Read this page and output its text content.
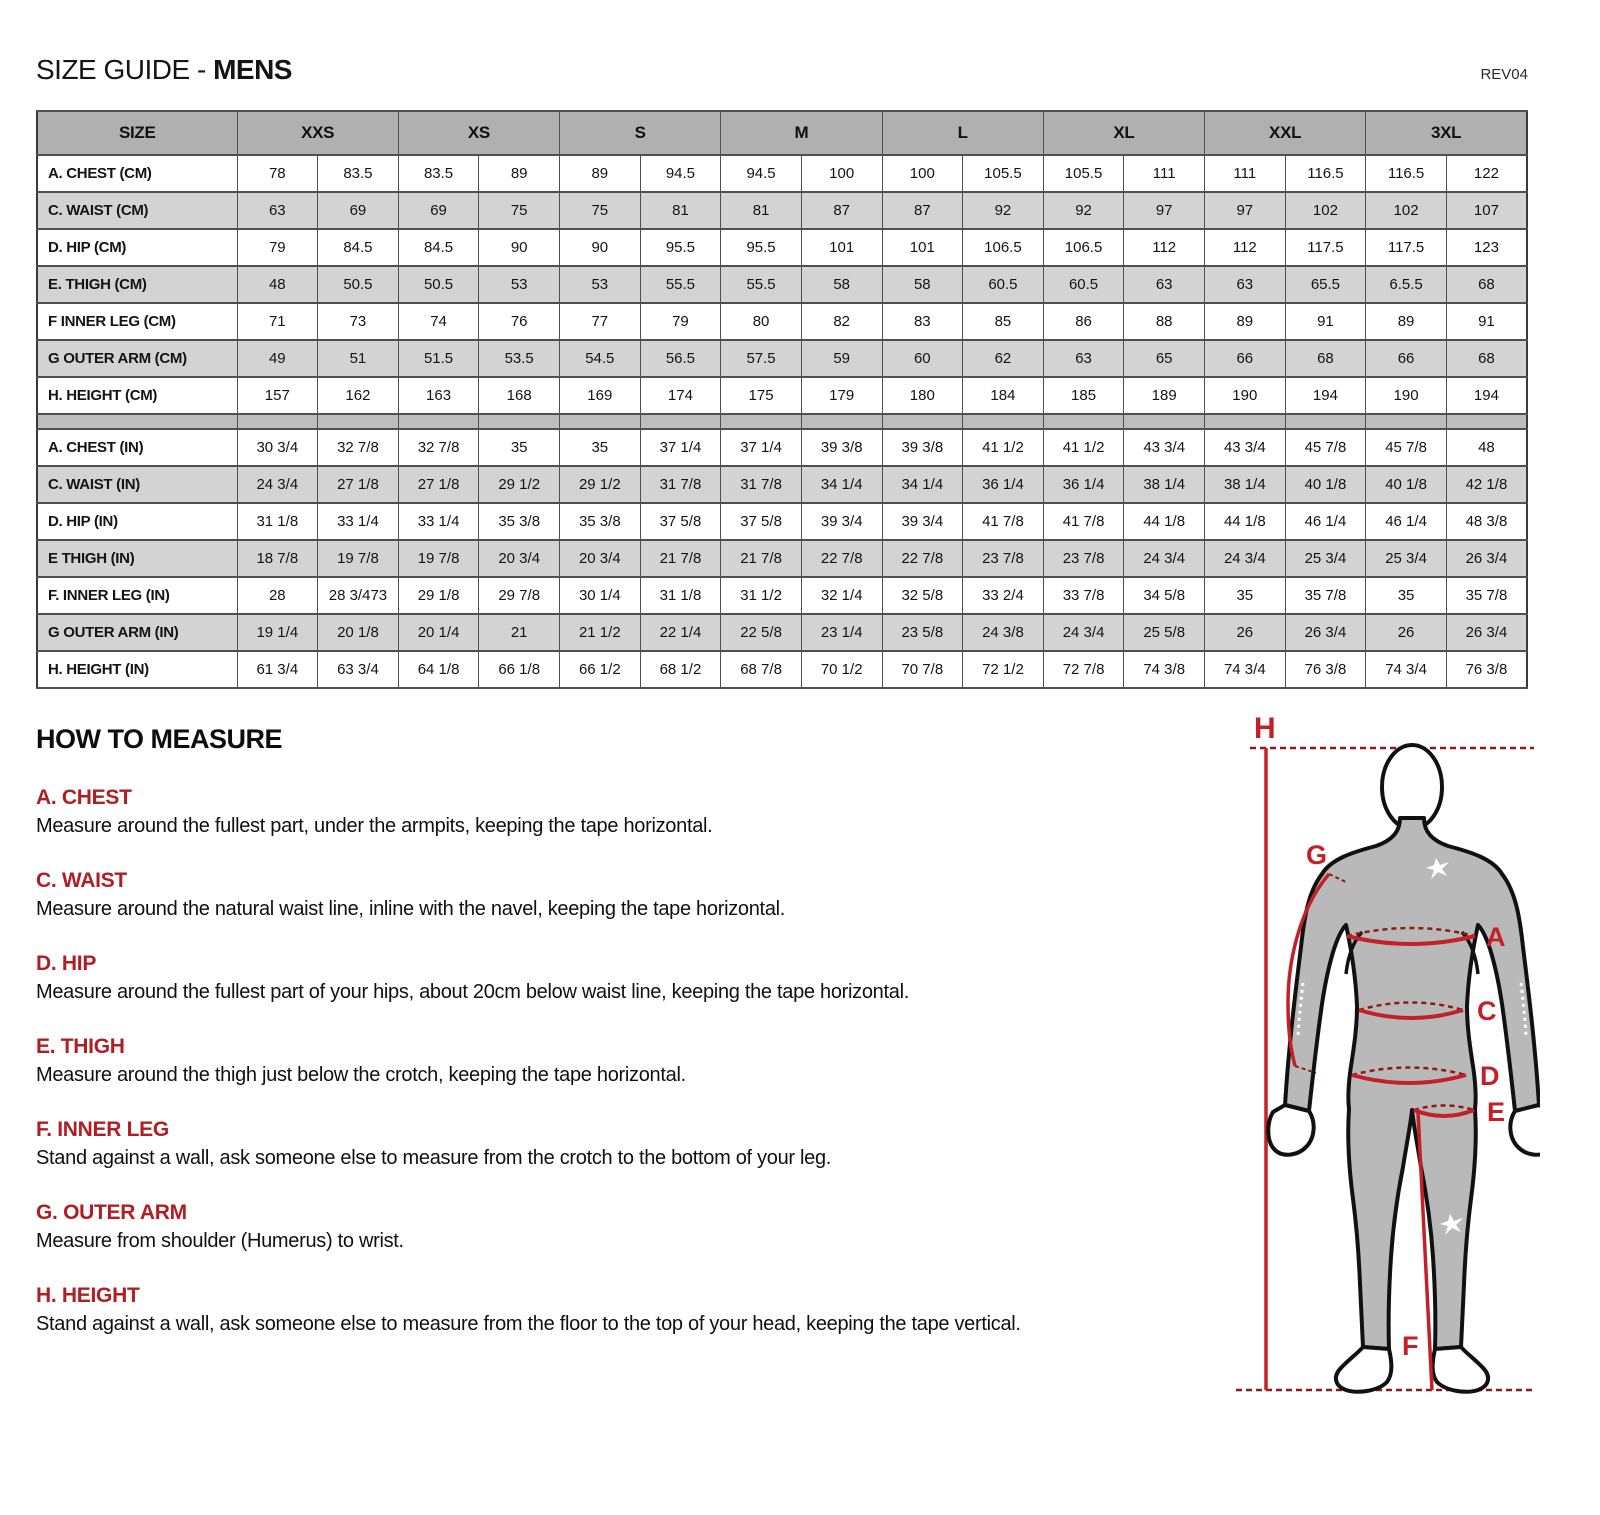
SIZE GUIDE - MENS	REV04
SIZE	XXS		XS		S		M		L		XL		XXL		3XL	
A. CHEST (CM)	78	83.5	83.5	89	89	94.5	94.5	100	100	105.5	105.5	111	111	116.5	116.5	122
C. WAIST (CM)	63	69	69	75	75	81	81	87	87	92	92	97	97	102	102	107
D. HIP (CM)	79	84.5	84.5	90	90	95.5	95.5	101	101	106.5	106.5	112	112	117.5	117.5	123
E. THIGH (CM)	48	50.5	50.5	53	53	55.5	55.5	58	58	60.5	60.5	63	63	65.5	6.5.5	68
F INNER LEG (CM)	71	73	74	76	77	79	80	82	83	85	86	88	89	91	89	91
G OUTER ARM (CM)	49	51	51.5	53.5	54.5	56.5	57.5	59	60	62	63	65	66	68	66	68
H. HEIGHT (CM)	157	162	163	168	169	174	175	179	180	184	185	189	190	194	190	194

A. CHEST (IN)	30 3/4	32 7/8	32 7/8	35	35	37 1/4	37 1/4	39 3/8	39 3/8	41 1/2	41 1/2	43 3/4	43 3/4	45 7/8	45 7/8	48
C. WAIST (IN)	24 3/4	27 1/8	27 1/8	29 1/2	29 1/2	31 7/8	31 7/8	34 1/4	34 1/4	36 1/4	36 1/4	38 1/4	38 1/4	40 1/8	40 1/8	42 1/8
D. HIP (IN)	31 1/8	33 1/4	33 1/4	35 3/8	35 3/8	37 5/8	37 5/8	39 3/4	39 3/4	41 7/8	41 7/8	44 1/8	44 1/8	46 1/4	46 1/4	48 3/8
E THIGH (IN)	18 7/8	19 7/8	19 7/8	20 3/4	20 3/4	21 7/8	21 7/8	22 7/8	22 7/8	23 7/8	23 7/8	24 3/4	24 3/4	25 3/4	25 3/4	26 3/4
F. INNER LEG (IN)	28	28 3/473	29 1/8	29 7/8	30 1/4	31 1/8	31 1/2	32 1/4	32 5/8	33 2/4	33 7/8	34 5/8	35	35 7/8	35	35 7/8
G OUTER ARM (IN)	19 1/4	20 1/8	20 1/4	21	21 1/2	22 1/4	22 5/8	23 1/4	23 5/8	24 3/8	24 3/4	25 5/8	26	26 3/4	26	26 3/4
H. HEIGHT (IN)	61 3/4	63 3/4	64 1/8	66 1/8	66 1/2	68 1/2	68 7/8	70 1/2	70 7/8	72 1/2	72 7/8	74 3/8	74 3/4	76 3/8	74 3/4	76 3/8
HOW TO MEASURE
A. CHEST

Measure around the fullest part, under the armpits, keeping the tape horizontal.

C. WAIST

Measure around the natural waist line, inline with the navel, keeping the tape horizontal.

D. HIP

Measure around the fullest part of your hips, about 20cm below waist line, keeping the tape horizontal.

E. THIGH

Measure around the thigh just below the crotch, keeping the tape horizontal.

F. INNER LEG

Stand against a wall, ask someone else to measure from the crotch to the bottom of your leg.

G. OUTER ARM

Measure from shoulder (Humerus) to wrist.

H. HEIGHT

Stand against a wall, ask someone else to measure from the floor to the top of your head, keeping the tape vertical.

H
G
A
C
D
E
F
